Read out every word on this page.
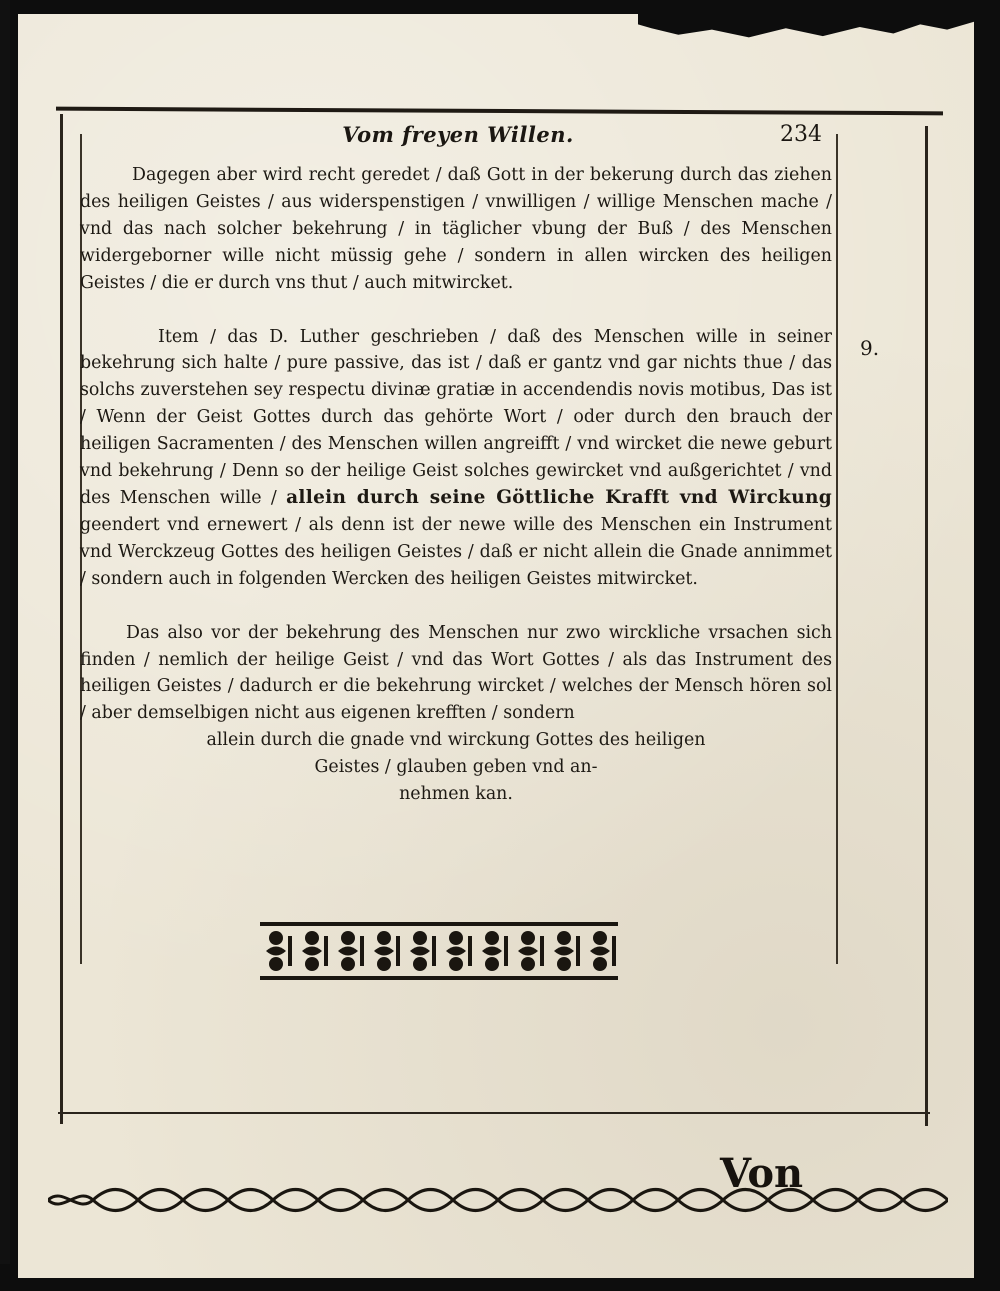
Vom freyen Willen.	234
9.

Dagegen aber wird recht geredet / daß Gott in der bekerung durch das ziehen des heiligen Geistes / aus widerspenstigen / vnwilligen / willige Menschen mache / vnd das nach solcher bekehrung / in täglicher vbung der Buß / des Menschen widergeborner wille nicht müssig gehe / sondern in allen wircken des heiligen Geistes / die er durch vns thut / auch mitwircket.

Item / das D. Luther geschrieben / daß des Menschen wille in seiner bekehrung sich halte / pure passive, das ist / daß er gantz vnd gar nichts thue / das solchs zuverstehen sey respectu divinæ gratiæ in accendendis novis motibus, Das ist / Wenn der Geist Gottes durch das gehörte Wort / oder durch den brauch der heiligen Sacramenten / des Menschen willen angreifft / vnd wircket die newe geburt vnd bekehrung / Denn so der heilige Geist solches gewircket vnd außgerichtet / vnd des Menschen wille / allein durch seine Göttliche Krafft vnd Wirckung geendert vnd ernewert / als denn ist der newe wille des Menschen ein Instrument vnd Werckzeug Gottes des heiligen Geistes / daß er nicht allein die Gnade annimmet / sondern auch in folgenden Wercken des heiligen Geistes mitwircket.

Das also vor der bekehrung des Menschen nur zwo wirckliche vrsachen sich finden / nemlich der heilige Geist / vnd das Wort Gottes / als das Instrument des heiligen Geistes / dadurch er die bekehrung wircket / welches der Mensch hören sol / aber demselbigen nicht aus eigenen krefften / sondern

allein durch die gnade vnd wirckung Gottes des heiligen
Geistes / glauben geben vnd an-
nehmen kan.

Von
